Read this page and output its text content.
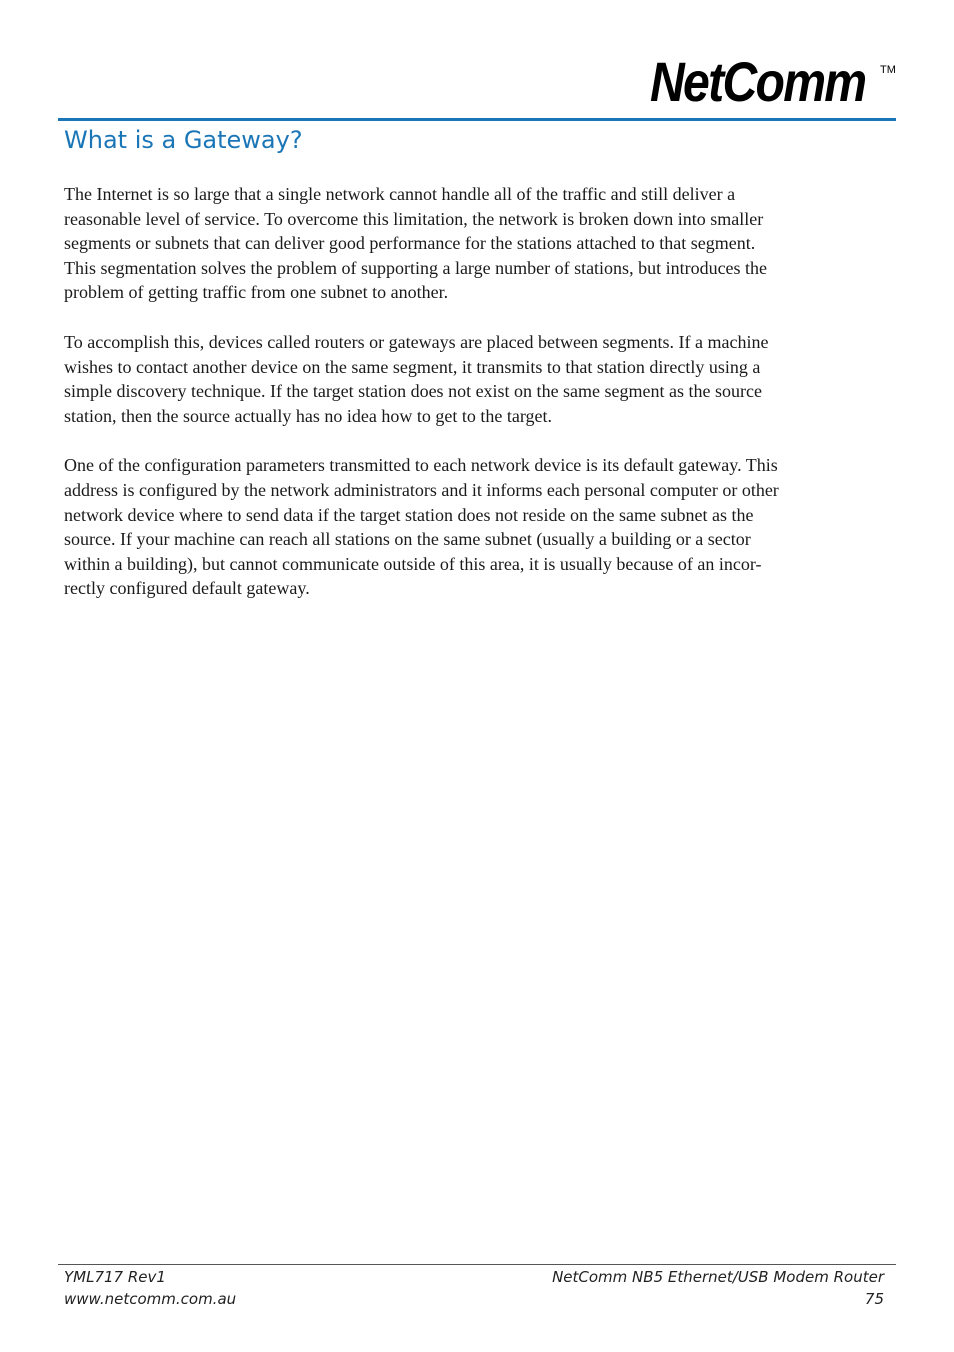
NetComm TM
What is a Gateway?

The Internet is so large that a single network cannot handle all of the traffic and still deliver a
reasonable level of service. To overcome this limitation, the network is broken down into smaller
segments or subnets that can deliver good performance for the stations attached to that segment.
This segmentation solves the problem of supporting a large number of stations, but introduces the
problem of getting traffic from one subnet to another.

To accomplish this, devices called routers or gateways are placed between segments. If a machine
wishes to contact another device on the same segment, it transmits to that station directly using a
simple discovery technique. If the target station does not exist on the same segment as the source
station, then the source actually has no idea how to get to the target.

One of the configuration parameters transmitted to each network device is its default gateway. This
address is configured by the network administrators and it informs each personal computer or other
network device where to send data if the target station does not reside on the same subnet as the
source. If your machine can reach all stations on the same subnet (usually a building or a sector
within a building), but cannot communicate outside of this area, it is usually because of an incor-
rectly configured default gateway.

YML717 Rev1
www.netcomm.com.au
NetComm NB5 Ethernet/USB Modem Router
75
